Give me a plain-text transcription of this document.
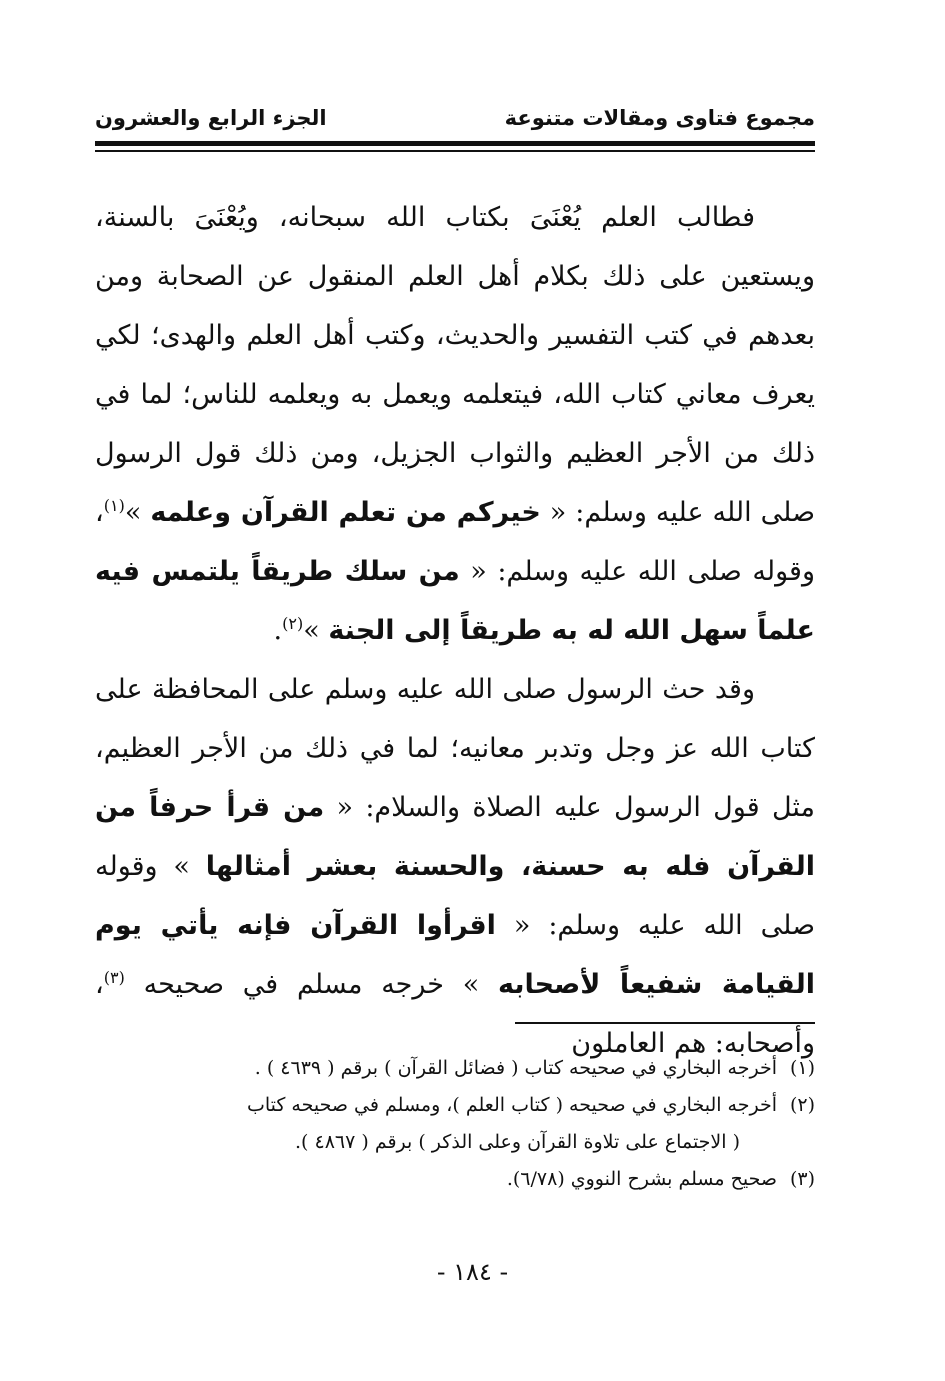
مجموع فتاوى ومقالات متنوعة
الجزء الرابع والعشرون

فطالب العلم يُعْنَىَ بكتاب الله سبحانه، ويُعْنَىَ بالسنة، ويستعين على ذلك بكلام أهل العلم المنقول عن الصحابة ومن بعدهم في كتب التفسير والحديث، وكتب أهل العلم والهدى؛ لكي يعرف معاني كتاب الله، فيتعلمه ويعمل به ويعلمه للناس؛ لما في ذلك من الأجر العظيم والثواب الجزيل، ومن ذلك قول الرسول صلى الله عليه وسلم: « خيركم من تعلم القرآن وعلمه »$^{(١)}$، وقوله صلى الله عليه وسلم: « من سلك طريقاً يلتمس فيه علماً سهل الله له به طريقاً إلى الجنة »$^{(٢)}$.

وقد حث الرسول صلى الله عليه وسلم على المحافظة على كتاب الله عز وجل وتدبر معانيه؛ لما في ذلك من الأجر العظيم، مثل قول الرسول عليه الصلاة والسلام: « من قرأ حرفاً من القرآن فله به حسنة، والحسنة بعشر أمثالها » وقوله صلى الله عليه وسلم: « اقرأوا القرآن فإنه يأتي يوم القيامة شفيعاً لأصحابه » خرجه مسلم في صحيحه $^{(٣)}$، وأصحابه: هم العاملون

(١)
أخرجه البخاري في صحيحه كتاب ( فضائل القرآن ) برقم ( ٤٦٣٩ ) .
(٢)
أخرجه البخاري في صحيحه ( كتاب العلم )، ومسلم في صحيحه كتاب
( الاجتماع على تلاوة القرآن وعلى الذكر ) برقم ( ٤٨٦٧ ).
(٣)
صحيح مسلم بشرح النووي (٦/٧٨).
- ١٨٤ -
